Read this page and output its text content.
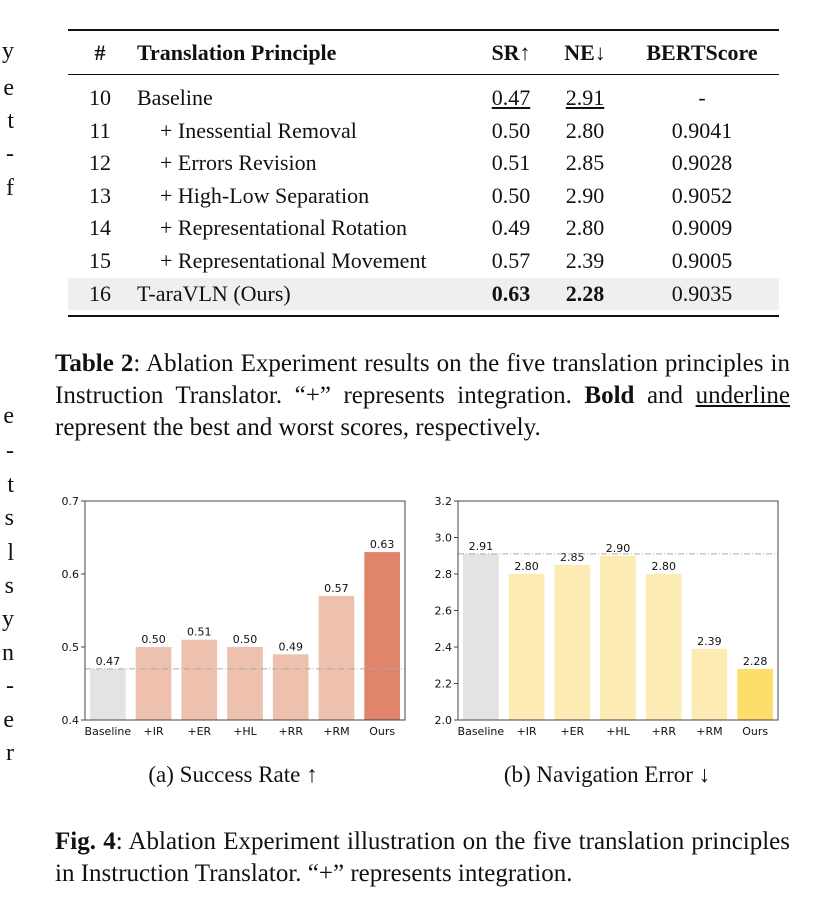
y
e
t
-
f
e
-
t
s
l
s
y
n
-
e
r
#	Translation Principle	SR↑	NE↓	BERTScore
10	Baseline	0.47	2.91	-
11	+ Inessential Removal	0.50	2.80	0.9041
12	+ Errors Revision	0.51	2.85	0.9028
13	+ High-Low Separation	0.50	2.90	0.9052
14	+ Representational Rotation	0.49	2.80	0.9009
15	+ Representational Movement	0.57	2.39	0.9005
16	T-araVLN (Ours)	0.63	2.28	0.9035
Table 2: Ablation Experiment results on the five translation principles in Instruction Translator. “+” represents integration. Bold and underline represent the best and worst scores, respectively.
0.47
Baseline
0.50
+IR
0.51
+ER
0.50
+HL
0.49
+RR
0.57
+RM
0.63
Ours
0.4
0.5
0.6
0.7
2.91
Baseline
2.80
+IR
2.85
+ER
2.90
+HL
2.80
+RR
2.39
+RM
2.28
Ours
2.0
2.2
2.4
2.6
2.8
3.0
3.2
(a) Success Rate ↑	(b) Navigation Error ↓
Fig. 4: Ablation Experiment illustration on the five translation principles in Instruction Translator. “+” represents integration.
